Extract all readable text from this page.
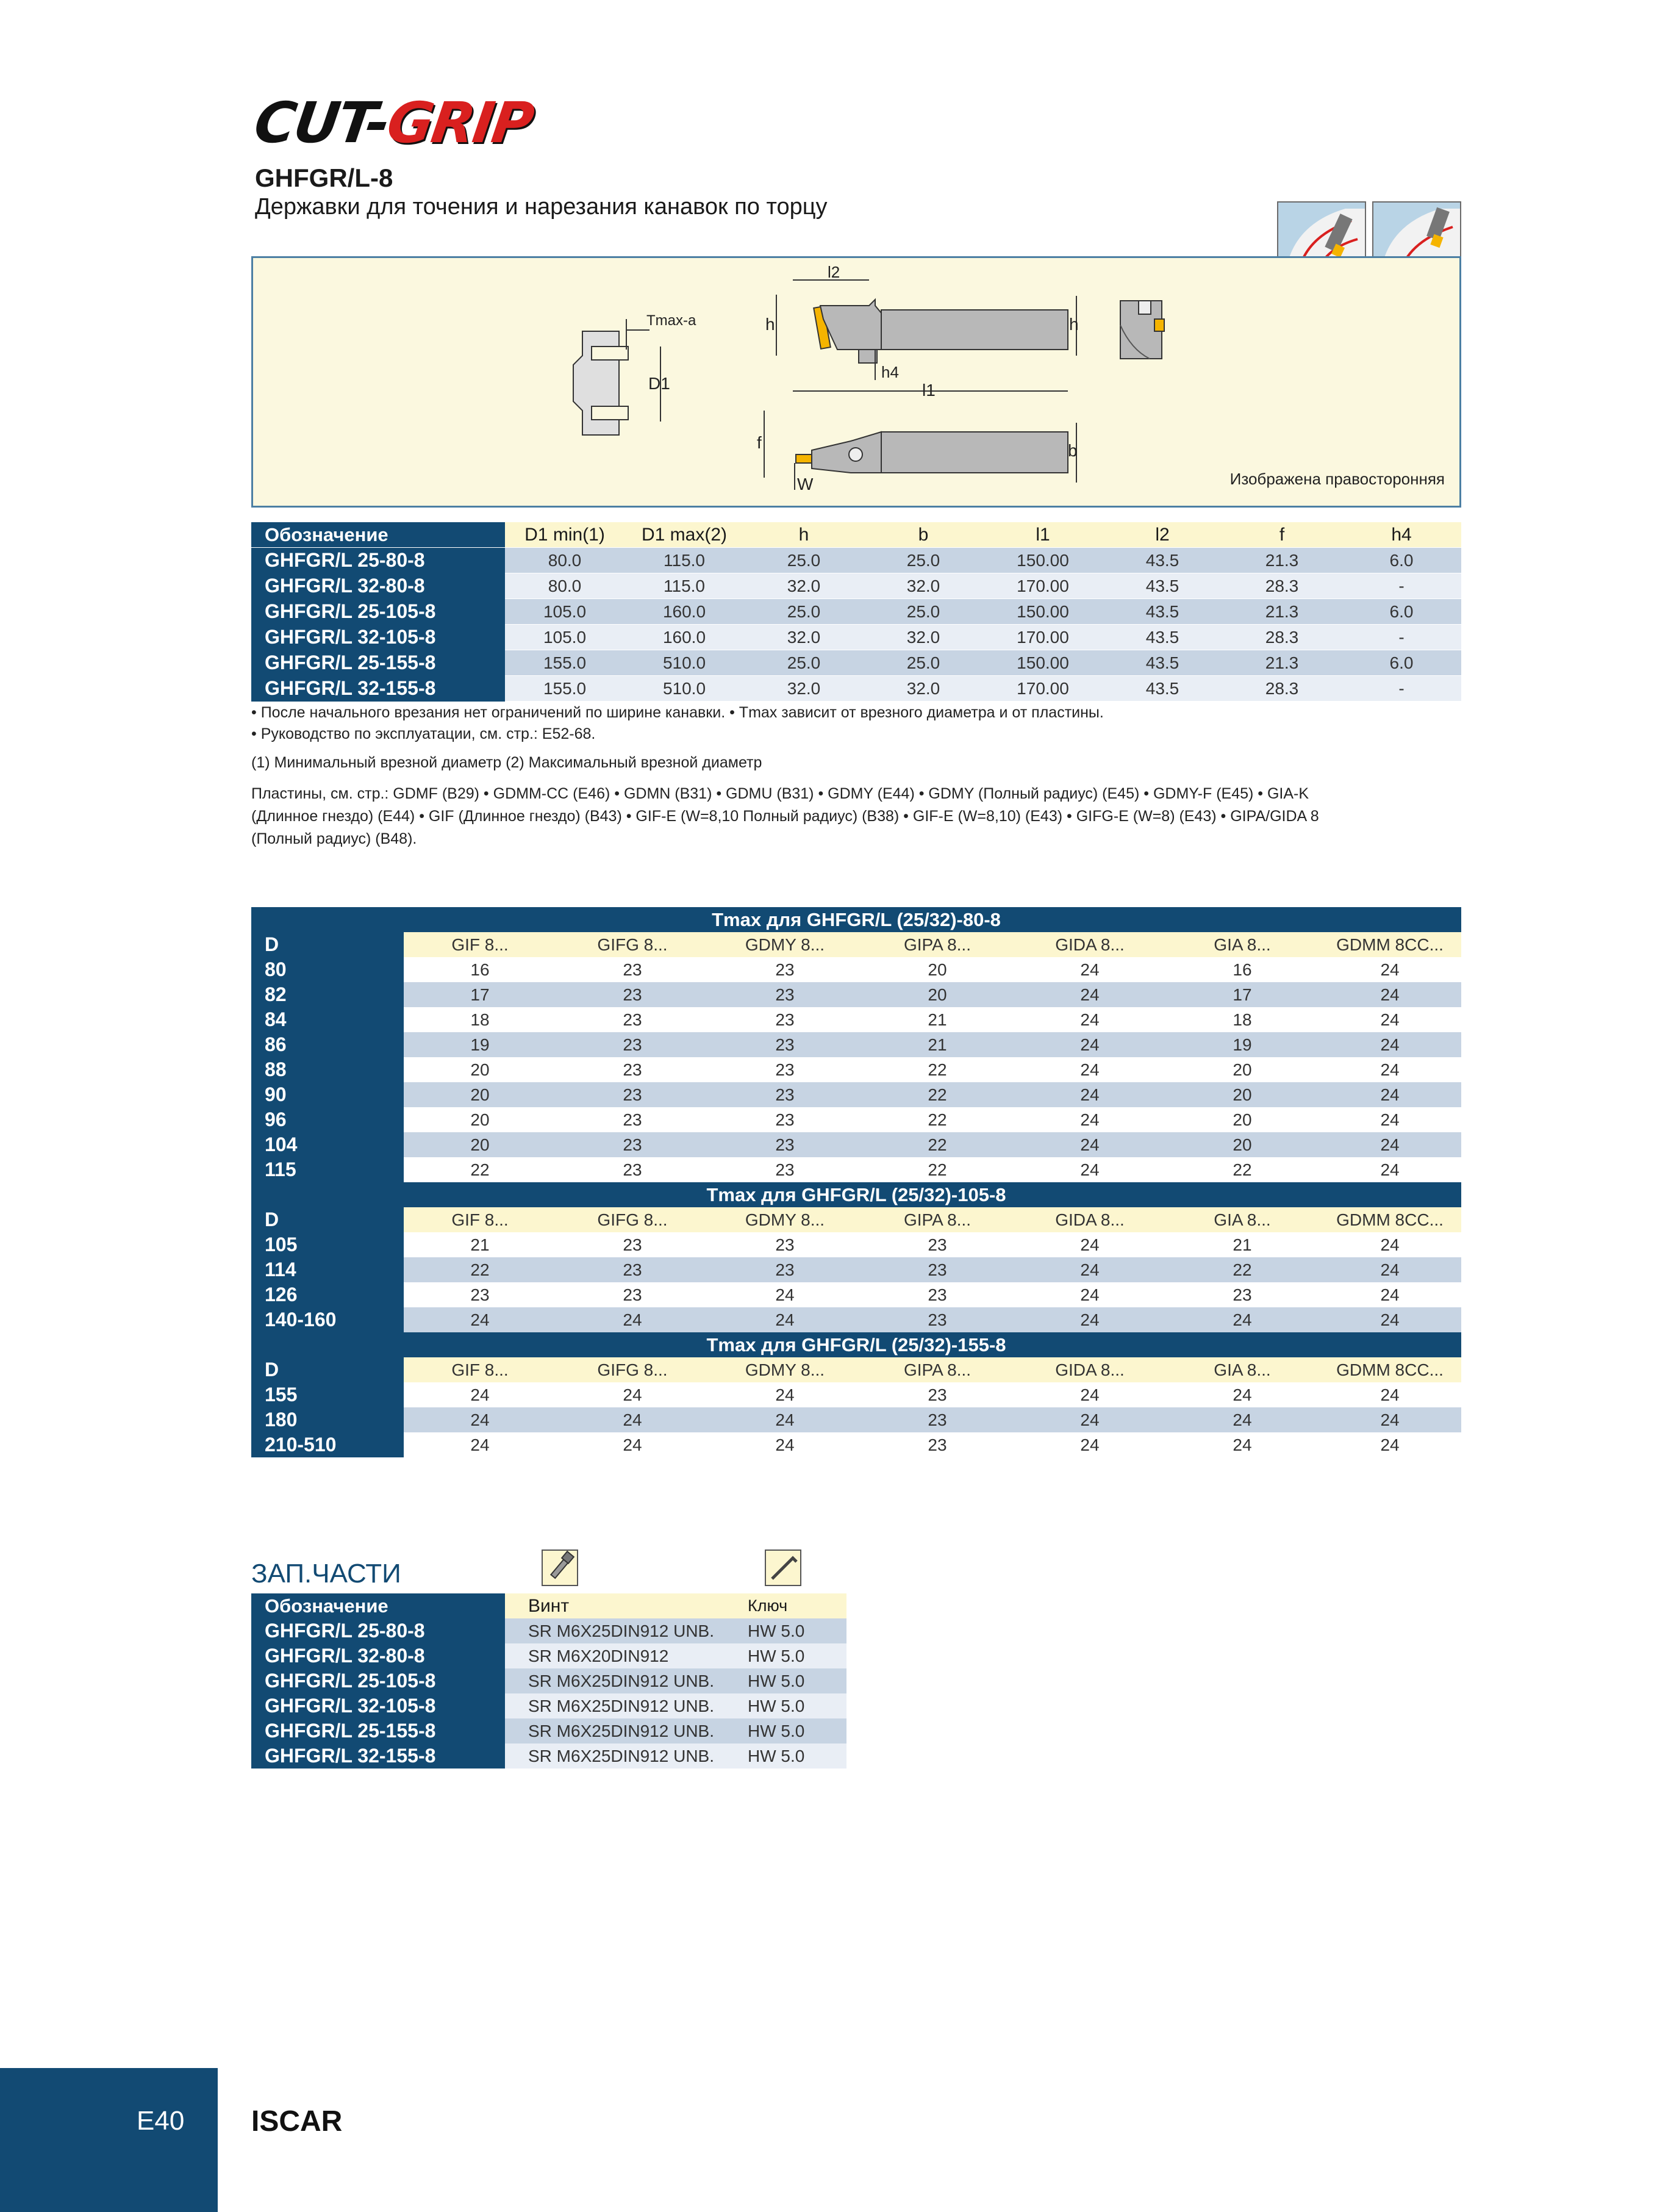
CUT-GRIP
GHFGR/L-8
Державки для точения и нарезания канавок по торцу
Tmax-a
D1
h	h
l2
h4
l1
f	b
W	Изображена правосторонняя
Обозначение	D1 min(1)	D1 max(2)	h	b	l1	l2	f	h4
GHFGR/L 25-80-8	80.0	115.0	25.0	25.0	150.00	43.5	21.3	6.0
GHFGR/L 32-80-8	80.0	115.0	32.0	32.0	170.00	43.5	28.3	-
GHFGR/L 25-105-8	105.0	160.0	25.0	25.0	150.00	43.5	21.3	6.0
GHFGR/L 32-105-8	105.0	160.0	32.0	32.0	170.00	43.5	28.3	-
GHFGR/L 25-155-8	155.0	510.0	25.0	25.0	150.00	43.5	21.3	6.0
GHFGR/L 32-155-8	155.0	510.0	32.0	32.0	170.00	43.5	28.3	-
• После начального врезания нет ограничений по ширине канавки. • Tmax зависит от врезного диаметра и от пластины.
• Руководство по эксплуатации, см. стр.: E52-68.
(1) Минимальный врезной диаметр (2) Максимальный врезной диаметр
Пластины, см. стр.: GDMF (B29) • GDMM-CC (E46) • GDMN (B31) • GDMU (B31) • GDMY (E44) • GDMY (Полный радиус) (E45) • GDMY-F (E45) • GIA-K
(Длинное гнездо) (E44) • GIF (Длинное гнездо) (B43) • GIF-E (W=8,10 Полный радиус) (B38) • GIF-E (W=8,10) (E43) • GIFG-E (W=8) (E43) • GIPA/GIDA 8
(Полный радиус) (B48).
Tmax для GHFGR/L (25/32)-80-8							
D	GIF 8...	GIFG 8...	GDMY 8...	GIPA 8...	GIDA 8...	GIA 8...	GDMM 8CC...
80	16	23	23	20	24	16	24
82	17	23	23	20	24	17	24
84	18	23	23	21	24	18	24
86	19	23	23	21	24	19	24
88	20	23	23	22	24	20	24
90	20	23	23	22	24	20	24
96	20	23	23	22	24	20	24
104	20	23	23	22	24	20	24
115	22	23	23	22	24	22	24
Tmax для GHFGR/L (25/32)-105-8							
D	GIF 8...	GIFG 8...	GDMY 8...	GIPA 8...	GIDA 8...	GIA 8...	GDMM 8CC...
105	21	23	23	23	24	21	24
114	22	23	23	23	24	22	24
126	23	23	24	23	24	23	24
140-160	24	24	24	23	24	24	24
Tmax для GHFGR/L (25/32)-155-8							
D	GIF 8...	GIFG 8...	GDMY 8...	GIPA 8...	GIDA 8...	GIA 8...	GDMM 8CC...
155	24	24	24	23	24	24	24
180	24	24	24	23	24	24	24
210-510	24	24	24	23	24	24	24
ЗАП.ЧАСТИ
Обозначение	Винт	Ключ
GHFGR/L 25-80-8	SR M6X25DIN912 UNB.	HW 5.0
GHFGR/L 32-80-8	SR M6X20DIN912	HW 5.0
GHFGR/L 25-105-8	SR M6X25DIN912 UNB.	HW 5.0
GHFGR/L 32-105-8	SR M6X25DIN912 UNB.	HW 5.0
GHFGR/L 25-155-8	SR M6X25DIN912 UNB.	HW 5.0
GHFGR/L 32-155-8	SR M6X25DIN912 UNB.	HW 5.0
E40 ISCAR
